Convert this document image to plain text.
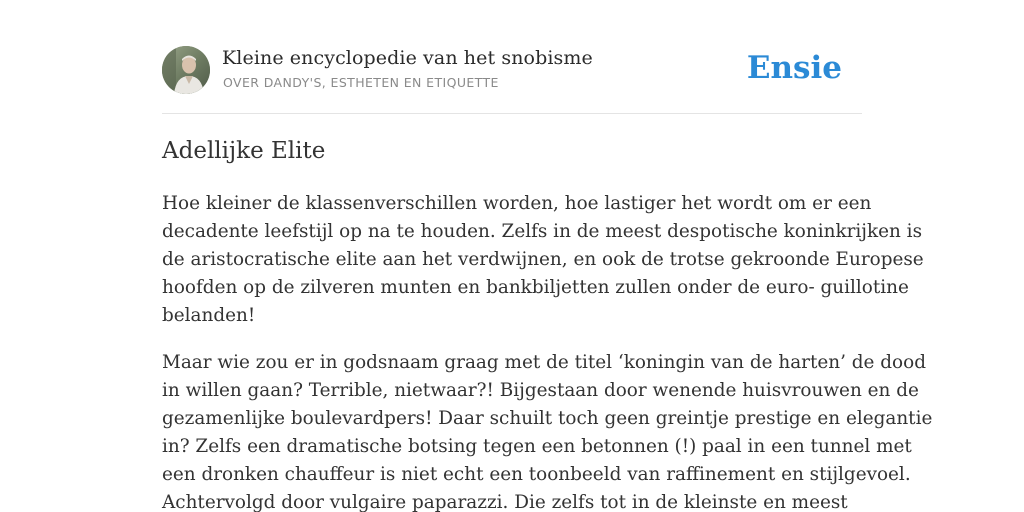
Kleine encyclopedie van het snobisme
OVER DANDY'S, ESTHETEN EN ETIQUETTE	Ensie
Adellijke Elite

Hoe kleiner de klassenverschillen worden, hoe lastiger het wordt om er een
decadente leefstijl op na te houden. Zelfs in de meest despotische koninkrijken is
de aristocratische elite aan het verdwijnen, en ook de trotse gekroonde Europese
hoofden op de zilveren munten en bankbiljetten zullen onder de euro- guillotine
belanden!

Maar wie zou er in godsnaam graag met de titel ‘koningin van de harten’ de dood
in willen gaan? Terrible, nietwaar?! Bijgestaan door wenende huisvrouwen en de
gezamenlijke boulevardpers! Daar schuilt toch geen greintje prestige en elegantie
in? Zelfs een dramatische botsing tegen een betonnen (!) paal in een tunnel met
een dronken chauffeur is niet echt een toonbeeld van raffinement en stijlgevoel.
Achtervolgd door vulgaire paparazzi. Die zelfs tot in de kleinste en meest
